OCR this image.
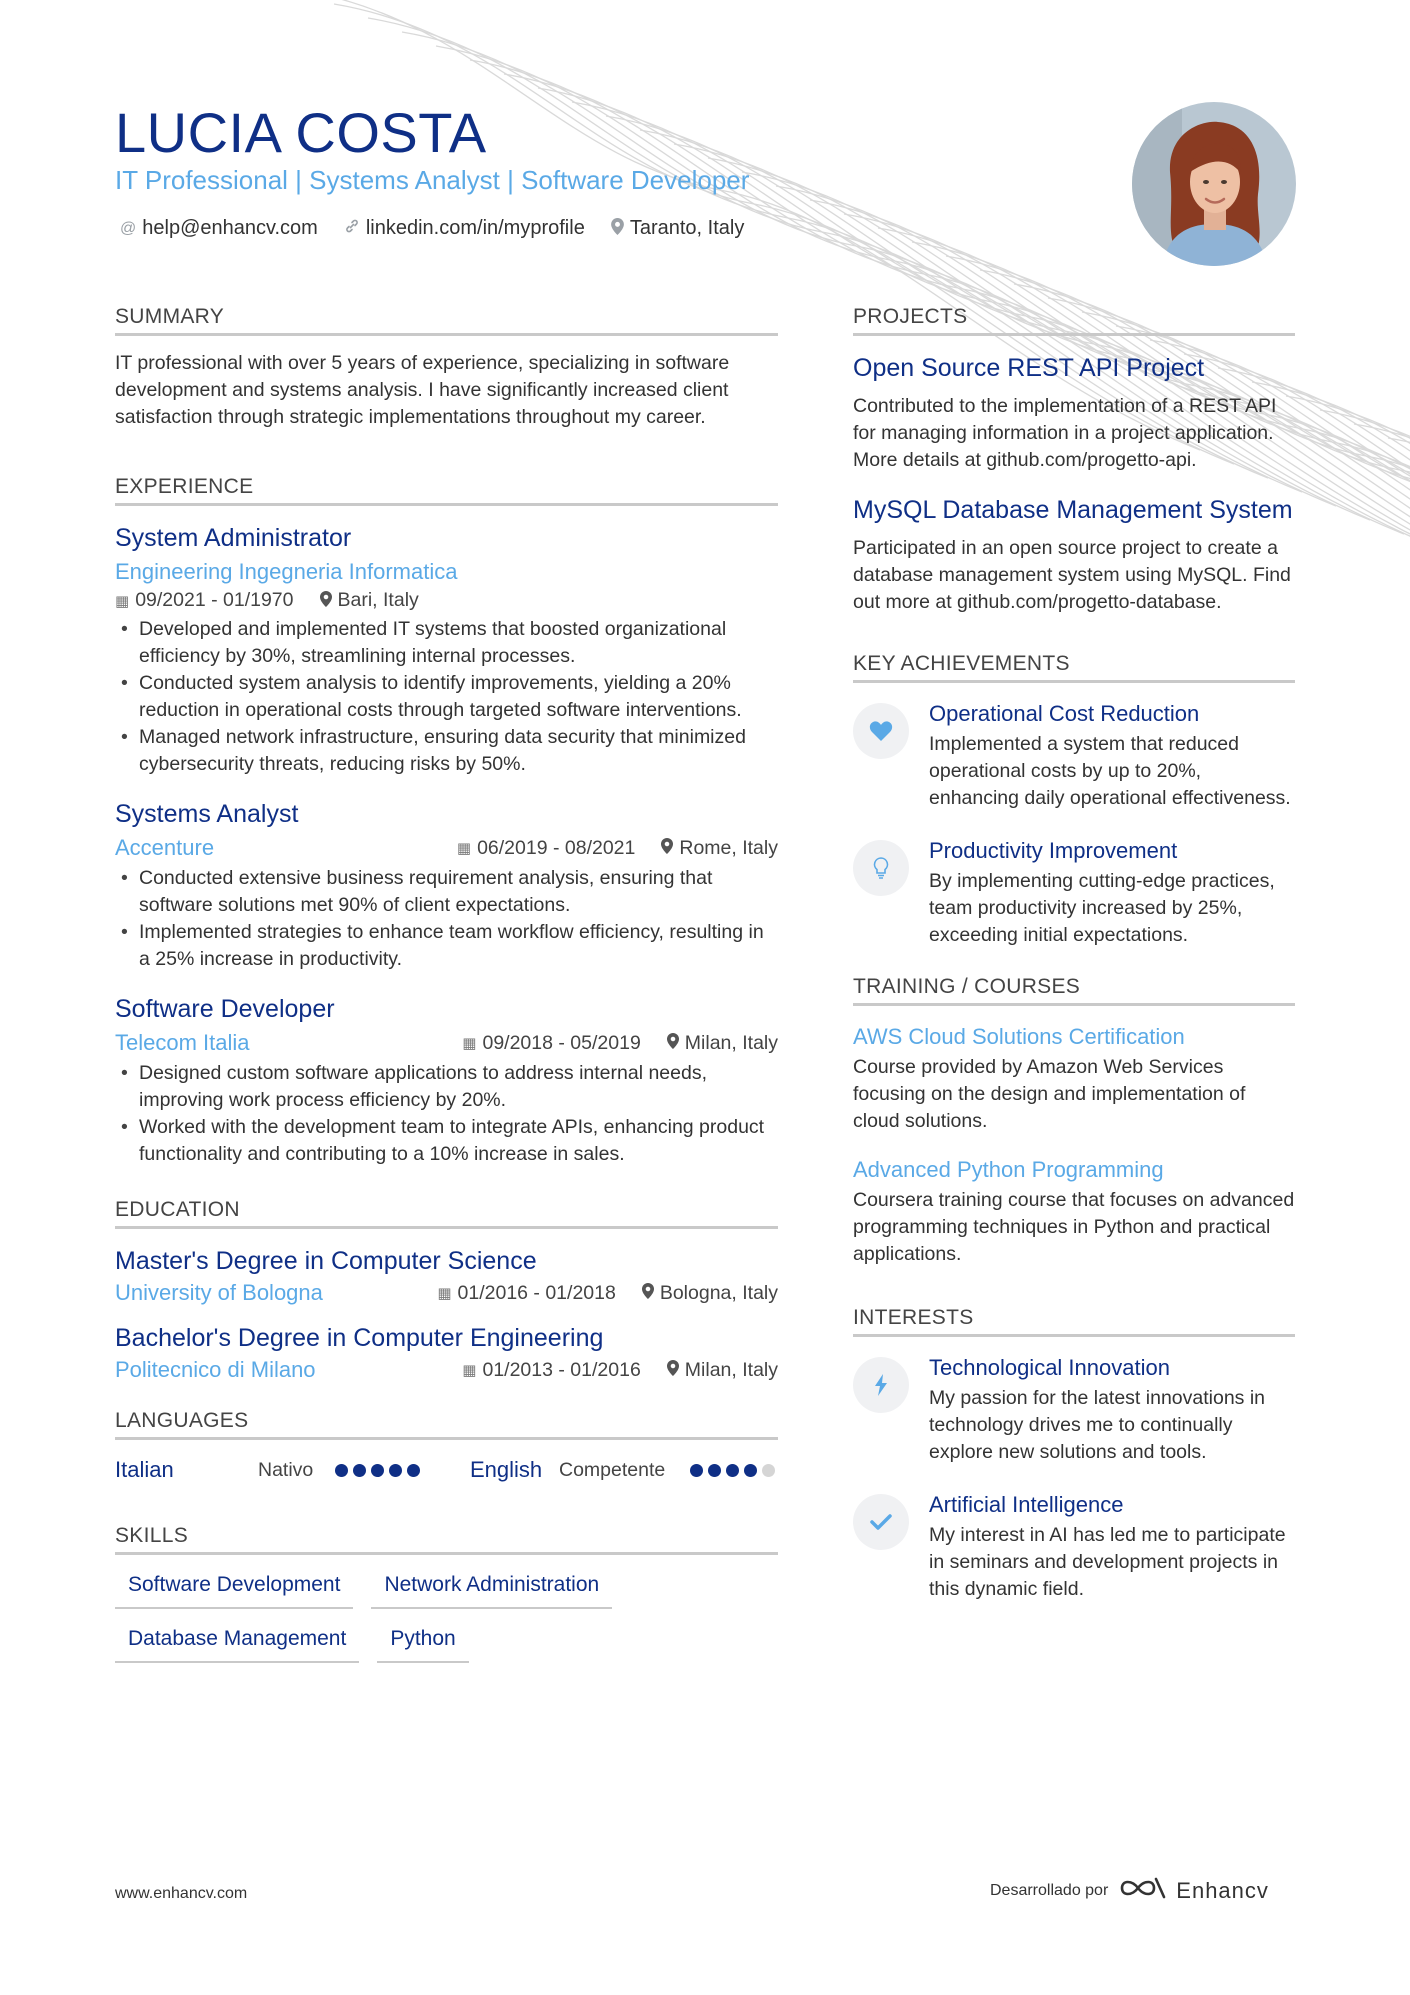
LUCIA COSTA
IT Professional | Systems Analyst | Software Developer
@ help@enhancv.com linkedin.com/in/myprofile Taranto, Italy
SUMMARY

IT professional with over 5 years of experience, specializing in software development and systems analysis. I have significantly increased client satisfaction through strategic implementations throughout my career.

EXPERIENCE
System Administrator
Engineering Ingegneria Informatica
▦ 09/2021 - 01/1970 Bari, Italy
• Developed and implemented IT systems that boosted organizational efficiency by 30%, streamlining internal processes.
• Conducted system analysis to identify improvements, yielding a 20% reduction in operational costs through targeted software interventions.
• Managed network infrastructure, ensuring data security that minimized cybersecurity threats, reducing risks by 50%.
Systems Analyst
Accenture	▦ 06/2019 - 08/2021 Rome, Italy
• Conducted extensive business requirement analysis, ensuring that software solutions met 90% of client expectations.
• Implemented strategies to enhance team workflow efficiency, resulting in a 25% increase in productivity.
Software Developer
Telecom Italia	▦ 09/2018 - 05/2019 Milan, Italy
• Designed custom software applications to address internal needs, improving work process efficiency by 20%.
• Worked with the development team to integrate APIs, enhancing product functionality and contributing to a 10% increase in sales.
EDUCATION
Master's Degree in Computer Science
University of Bologna	▦ 01/2016 - 01/2018 Bologna, Italy
Bachelor's Degree in Computer Engineering
Politecnico di Milano	▦ 01/2013 - 01/2016 Milan, Italy
LANGUAGES
Italian	Nativo	English Competente
SKILLS
Software Development	Network Administration
Database Management	Python
PROJECTS
Open Source REST API Project

Contributed to the implementation of a REST API for managing information in a project application. More details at github.com/progetto-api.

MySQL Database Management System

Participated in an open source project to create a database management system using MySQL. Find out more at github.com/progetto-database.

KEY ACHIEVEMENTS
Operational Cost Reduction

Implemented a system that reduced operational costs by up to 20%, enhancing daily operational effectiveness.

Productivity Improvement

By implementing cutting-edge practices, team productivity increased by 25%, exceeding initial expectations.

TRAINING / COURSES
AWS Cloud Solutions Certification

Course provided by Amazon Web Services focusing on the design and implementation of cloud solutions.

Advanced Python Programming

Coursera training course that focuses on advanced programming techniques in Python and practical applications.

INTERESTS
Technological Innovation

My passion for the latest innovations in technology drives me to continually explore new solutions and tools.

Artificial Intelligence

My interest in AI has led me to participate in seminars and development projects in this dynamic field.

www.enhancv.com	Desarrollado por	Enhancv
